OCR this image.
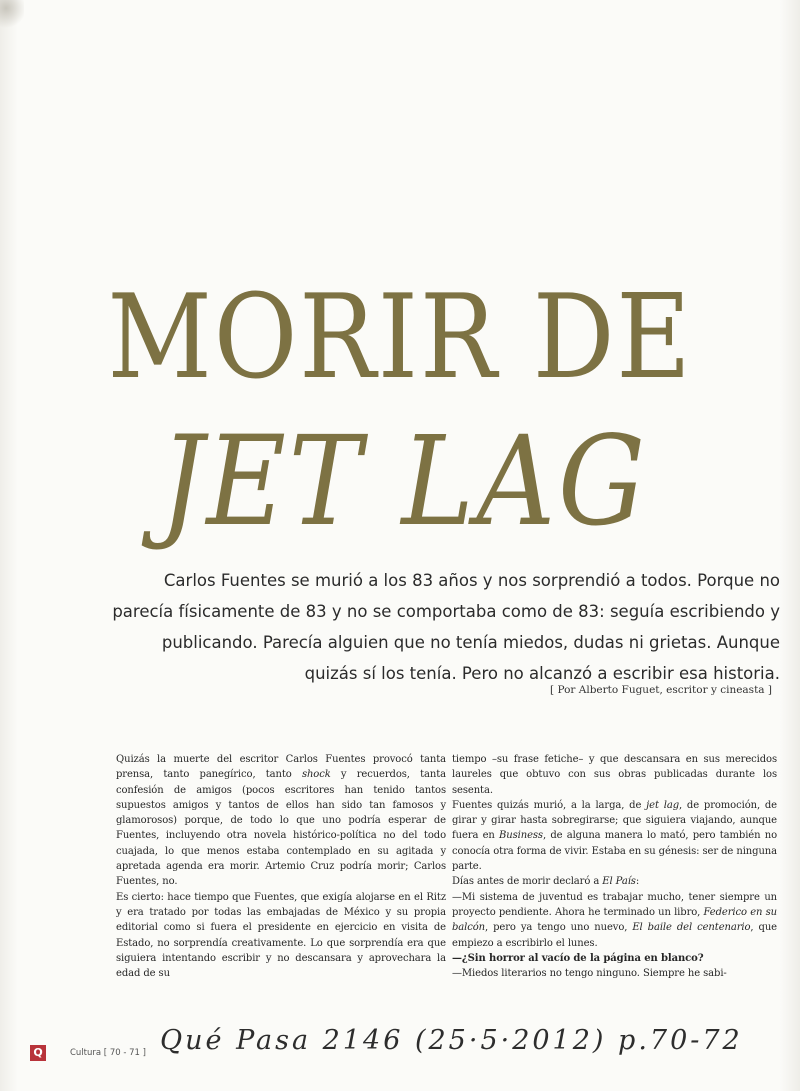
MORIR DE
JET LAG

Carlos Fuentes se murió a los 83 años y nos sorprendió a todos. Porque no parecía físicamente de 83 y no se comportaba como de 83: seguía escribiendo y publicando. Parecía alguien que no tenía miedos, dudas ni grietas. Aunque quizás sí los tenía. Pero no alcanzó a escribir esa historia.

[ Por Alberto Fuguet, escritor y cineasta ]

Quizás la muerte del escritor Carlos Fuentes provocó tanta prensa, tanto panegírico, tanto shock y recuerdos, tanta confesión de amigos (pocos escritores han tenido tantos supuestos amigos y tantos de ellos han sido tan famosos y glamorosos) porque, de todo lo que uno podría esperar de Fuentes, incluyendo otra novela histórico-política no del todo cuajada, lo que menos estaba contemplado en su agitada y apretada agenda era morir. Artemio Cruz podría morir; Carlos Fuentes, no.

Es cierto: hace tiempo que Fuentes, que exigía alojarse en el Ritz y era tratado por todas las embajadas de México y su propia editorial como si fuera el presidente en ejercicio en visita de Estado, no sorprendía creativamente. Lo que sorprendía era que siguiera intentando escribir y no descansara y aprovechara la edad de su

tiempo –su frase fetiche– y que descansara en sus merecidos laureles que obtuvo con sus obras publicadas durante los sesenta.

Fuentes quizás murió, a la larga, de jet lag, de promoción, de girar y girar hasta sobregirarse; que siguiera viajando, aunque fuera en Business, de alguna manera lo mató, pero también no conocía otra forma de vivir. Estaba en su génesis: ser de ninguna parte.

Días antes de morir declaró a El País:

—Mi sistema de juventud es trabajar mucho, tener siempre un proyecto pendiente. Ahora he terminado un libro, Federico en su balcón, pero ya tengo uno nuevo, El baile del centenario, que empiezo a escribirlo el lunes.

—¿Sin horror al vacío de la página en blanco?

—Miedos literarios no tengo ninguno. Siempre he sabi-

Q	Cultura [ 70 - 71 ] Qué Pasa 2146 (25·5·2012) p.70-72
